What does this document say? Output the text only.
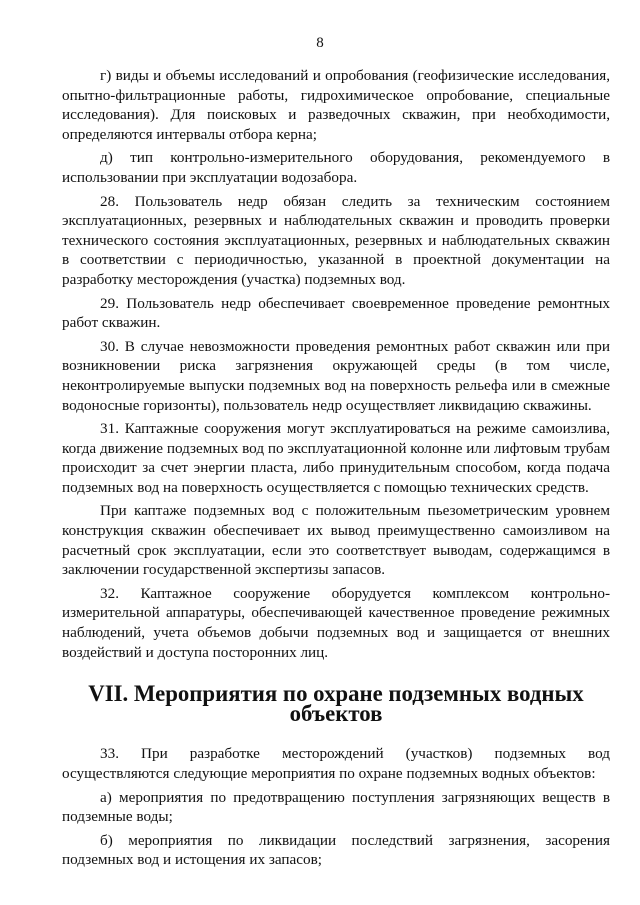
8

г) виды и объемы исследований и опробования (геофизические исследования, опытно-фильтрационные работы, гидрохимическое опробование, специальные исследования). Для поисковых и разведочных скважин, при необходимости, определяются интервалы отбора керна;

д) тип контрольно-измерительного оборудования, рекомендуемого в использовании при эксплуатации водозабора.

28. Пользователь недр обязан следить за техническим состоянием эксплуатационных, резервных и наблюдательных скважин и проводить проверки технического состояния эксплуатационных, резервных и наблюдательных скважин в соответствии с периодичностью, указанной в проектной документации на разработку месторождения (участка) подземных вод.

29. Пользователь недр обеспечивает своевременное проведение ремонтных работ скважин.

30. В случае невозможности проведения ремонтных работ скважин или при возникновении риска загрязнения окружающей среды (в том числе, неконтролируемые выпуски подземных вод на поверхность рельефа или в смежные водоносные горизонты), пользователь недр осуществляет ликвидацию скважины.

31. Каптажные сооружения могут эксплуатироваться на режиме самоизлива, когда движение подземных вод по эксплуатационной колонне или лифтовым трубам происходит за счет энергии пласта, либо принудительным способом, когда подача подземных вод на поверхность осуществляется с помощью технических средств.

При каптаже подземных вод с положительным пьезометрическим уровнем конструкция скважин обеспечивает их вывод преимущественно самоизливом на расчетный срок эксплуатации, если это соответствует выводам, содержащимся в заключении государственной экспертизы запасов.

32. Каптажное сооружение оборудуется комплексом контрольно-измерительной аппаратуры, обеспечивающей качественное проведение режимных наблюдений, учета объемов добычи подземных вод и защищается от внешних воздействий и доступа посторонних лиц.

VII. Мероприятия по охране подземных водных объектов

33. При разработке месторождений (участков) подземных вод осуществляются следующие мероприятия по охране подземных водных объектов:

а) мероприятия по предотвращению поступления загрязняющих веществ в подземные воды;

б) мероприятия по ликвидации последствий загрязнения, засорения подземных вод и истощения их запасов;
